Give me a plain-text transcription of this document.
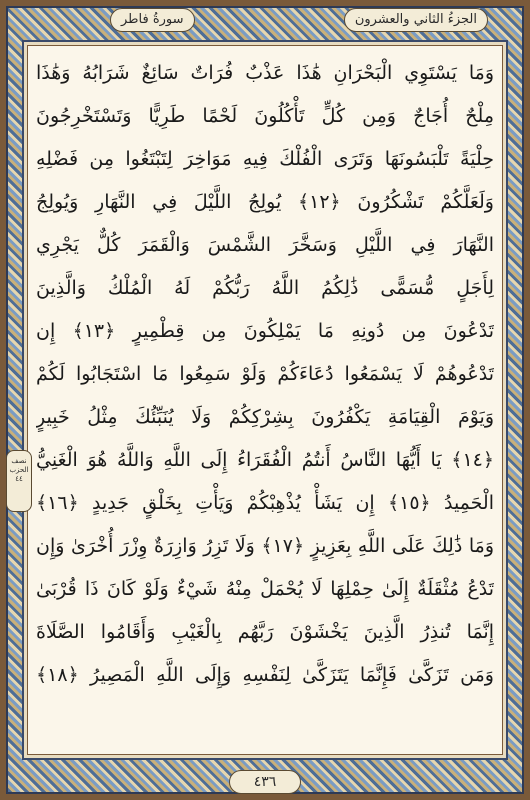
الجزءُ الثاني والعشرون
سورةُ فاطر
نصف
الحزب
٤٤
وَمَا يَسْتَوِي الْبَحْرَانِ هَٰذَا عَذْبٌ فُرَاتٌ سَائِغٌ شَرَابُهُ وَهَٰذَا
مِلْحٌ أُجَاجٌ وَمِن كُلٍّ تَأْكُلُونَ لَحْمًا طَرِيًّا وَتَسْتَخْرِجُونَ
حِلْيَةً تَلْبَسُونَهَا وَتَرَى الْفُلْكَ فِيهِ مَوَاخِرَ لِتَبْتَغُوا مِن فَضْلِهِ
وَلَعَلَّكُمْ تَشْكُرُونَ ﴿١٢﴾ يُولِجُ اللَّيْلَ فِي النَّهَارِ وَيُولِجُ
النَّهَارَ فِي اللَّيْلِ وَسَخَّرَ الشَّمْسَ وَالْقَمَرَ كُلٌّ يَجْرِي
لِأَجَلٍ مُّسَمًّى ذَٰلِكُمُ اللَّهُ رَبُّكُمْ لَهُ الْمُلْكُ وَالَّذِينَ
تَدْعُونَ مِن دُونِهِ مَا يَمْلِكُونَ مِن قِطْمِيرٍ ﴿١٣﴾ إِن
تَدْعُوهُمْ لَا يَسْمَعُوا دُعَاءَكُمْ وَلَوْ سَمِعُوا مَا اسْتَجَابُوا لَكُمْ
وَيَوْمَ الْقِيَامَةِ يَكْفُرُونَ بِشِرْكِكُمْ وَلَا يُنَبِّئُكَ مِثْلُ خَبِيرٍ
﴿١٤﴾ يَا أَيُّهَا النَّاسُ أَنتُمُ الْفُقَرَاءُ إِلَى اللَّهِ وَاللَّهُ هُوَ الْغَنِيُّ
الْحَمِيدُ ﴿١٥﴾ إِن يَشَأْ يُذْهِبْكُمْ وَيَأْتِ بِخَلْقٍ جَدِيدٍ ﴿١٦﴾
وَمَا ذَٰلِكَ عَلَى اللَّهِ بِعَزِيزٍ ﴿١٧﴾ وَلَا تَزِرُ وَازِرَةٌ وِزْرَ أُخْرَىٰ وَإِن
تَدْعُ مُثْقَلَةٌ إِلَىٰ حِمْلِهَا لَا يُحْمَلْ مِنْهُ شَيْءٌ وَلَوْ كَانَ ذَا قُرْبَىٰ
إِنَّمَا تُنذِرُ الَّذِينَ يَخْشَوْنَ رَبَّهُم بِالْغَيْبِ وَأَقَامُوا الصَّلَاةَ
وَمَن تَزَكَّىٰ فَإِنَّمَا يَتَزَكَّىٰ لِنَفْسِهِ وَإِلَى اللَّهِ الْمَصِيرُ ﴿١٨﴾
٤٣٦
